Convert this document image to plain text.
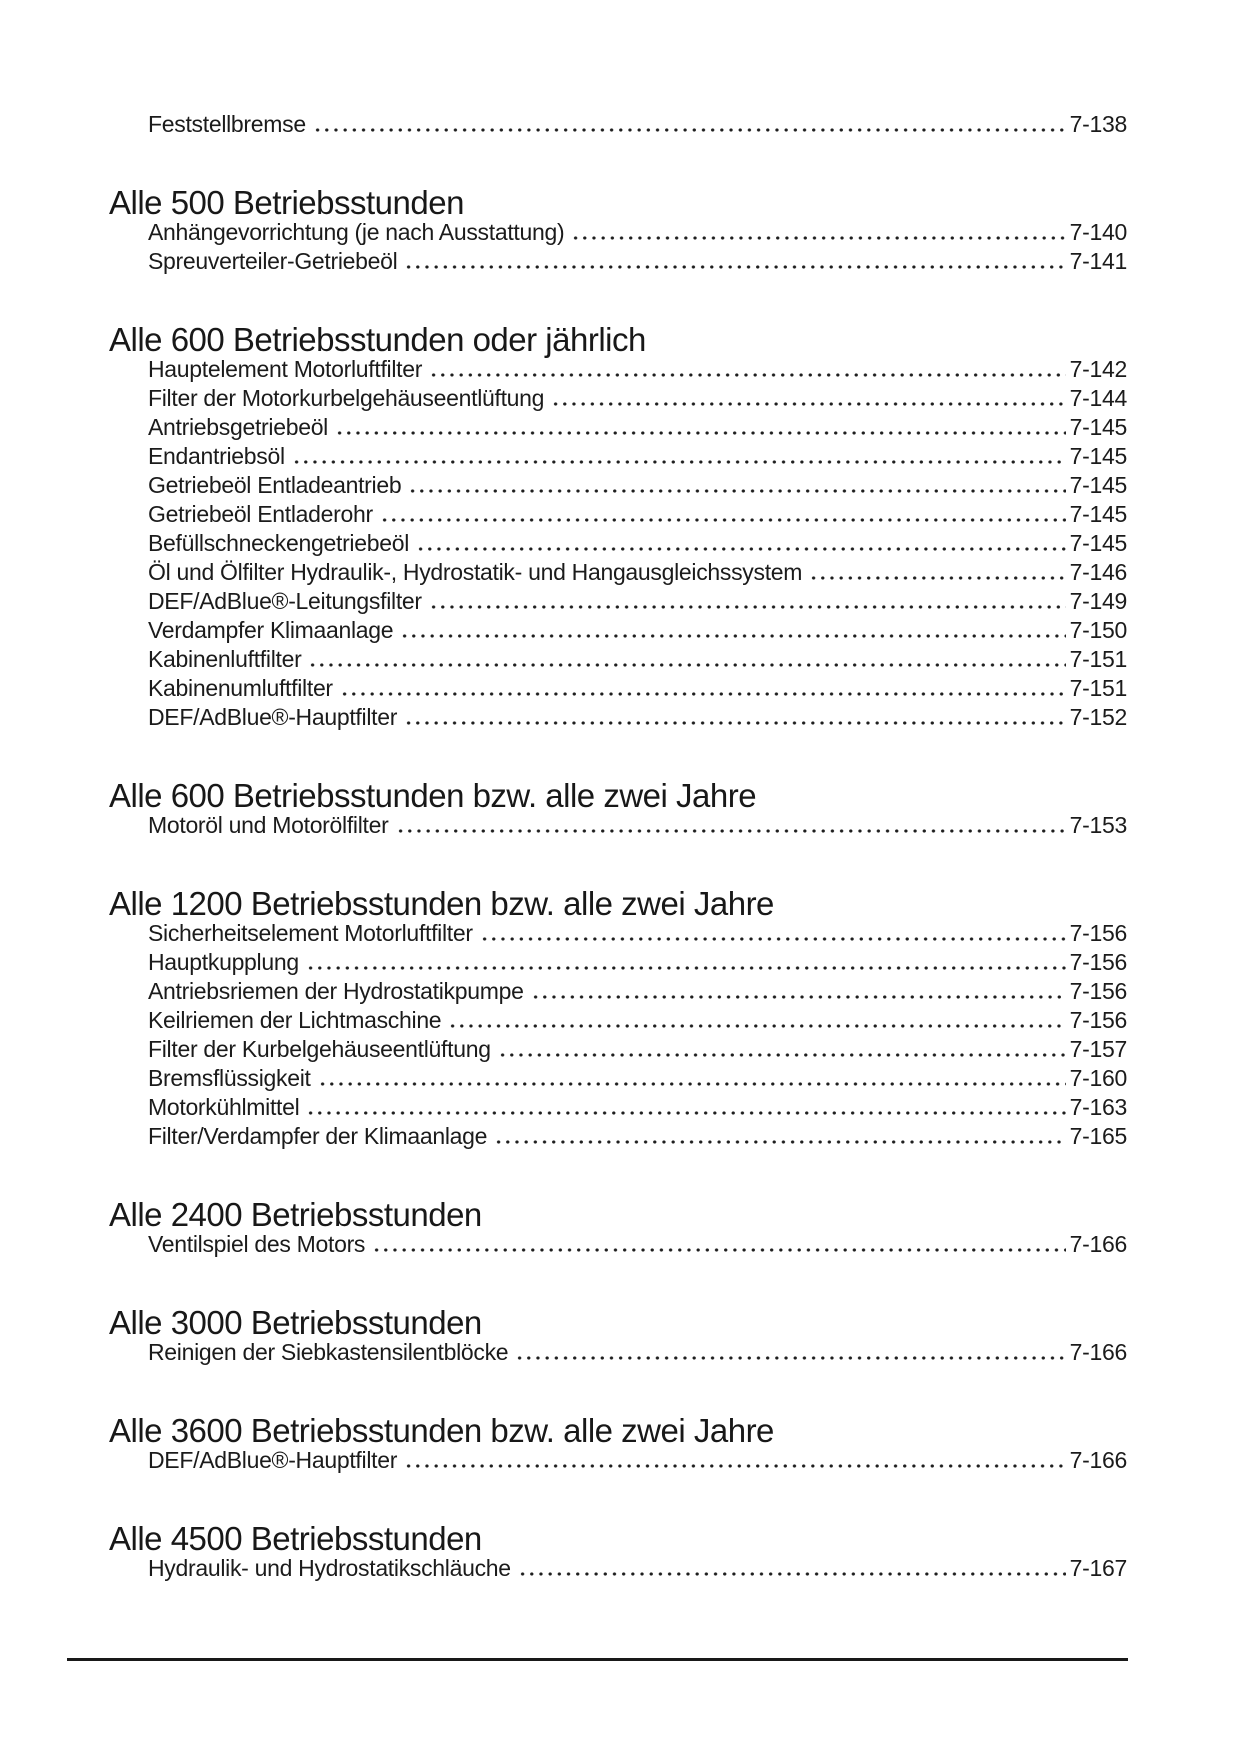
Feststellbremse	7-138
Alle 500 Betriebsstunden
Anhängevorrichtung (je nach Ausstattung)	7-140
Spreuverteiler-Getriebeöl	7-141
Alle 600 Betriebsstunden oder jährlich
Hauptelement Motorluftfilter	7-142
Filter der Motorkurbelgehäuseentlüftung	7-144
Antriebsgetriebeöl	7-145
Endantriebsöl	7-145
Getriebeöl Entladeantrieb	7-145
Getriebeöl Entladerohr	7-145
Befüllschneckengetriebeöl	7-145
Öl und Ölfilter Hydraulik-, Hydrostatik- und Hangausgleichssystem	7-146
DEF/AdBlue®-Leitungsfilter	7-149
Verdampfer Klimaanlage	7-150
Kabinenluftfilter	7-151
Kabinenumluftfilter	7-151
DEF/AdBlue®-Hauptfilter	7-152
Alle 600 Betriebsstunden bzw. alle zwei Jahre
Motoröl und Motorölfilter	7-153
Alle 1200 Betriebsstunden bzw. alle zwei Jahre
Sicherheitselement Motorluftfilter	7-156
Hauptkupplung	7-156
Antriebsriemen der Hydrostatikpumpe	7-156
Keilriemen der Lichtmaschine	7-156
Filter der Kurbelgehäuseentlüftung	7-157
Bremsflüssigkeit	7-160
Motorkühlmittel	7-163
Filter/Verdampfer der Klimaanlage	7-165
Alle 2400 Betriebsstunden
Ventilspiel des Motors	7-166
Alle 3000 Betriebsstunden
Reinigen der Siebkastensilentblöcke	7-166
Alle 3600 Betriebsstunden bzw. alle zwei Jahre
DEF/AdBlue®-Hauptfilter	7-166
Alle 4500 Betriebsstunden
Hydraulik- und Hydrostatikschläuche	7-167
